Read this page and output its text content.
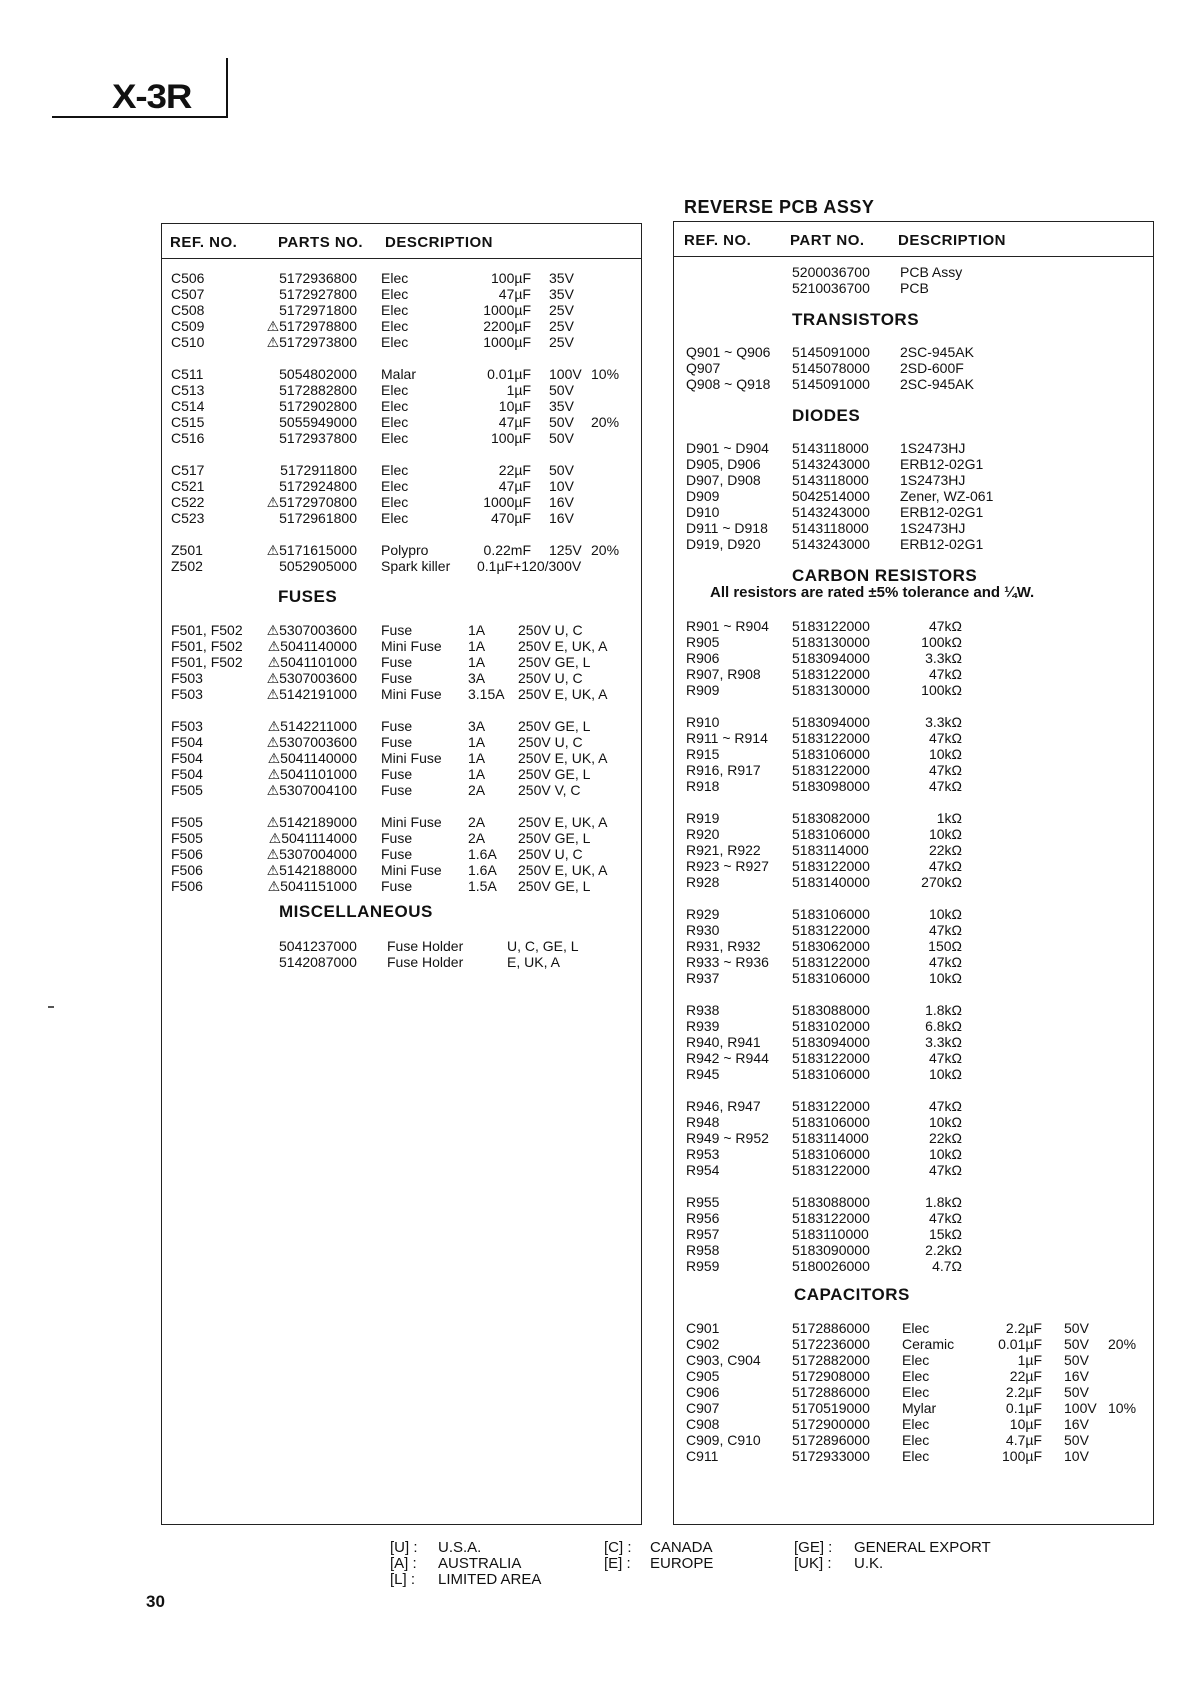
X-3R
REF. NO.	PARTS NO. DESCRIPTION
C506	5172936800 Elec	100µF 35V
C507	5172927800 Elec	47µF 35V
C508	5172971800 Elec	1000µF 25V
C509	⚠5172978800 Elec	2200µF 25V
C510	⚠5172973800 Elec	1000µF 25V
C511	5054802000 Malar	0.01µF 100V 10%
C513	5172882800 Elec	1µF 50V
C514	5172902800 Elec	10µF 35V
C515	5055949000 Elec	47µF 50V 20%
C516	5172937800 Elec	100µF 50V
C517	5172911800 Elec	22µF 50V
C521	5172924800 Elec	47µF 10V
C522	⚠5172970800 Elec	1000µF 16V
C523	5172961800 Elec	470µF 16V
Z501	⚠5171615000 Polypro	0.22mF 125V 20%
Z502	5052905000 Spark killer 0.1µF+120/300V
FUSES
F501, F502	⚠5307003600 Fuse	1A 250V U, C
F501, F502	⚠5041140000 Mini Fuse 1A 250V E, UK, A
F501, F502	⚠5041101000 Fuse	1A 250V GE, L
F503	⚠5307003600 Fuse	3A 250V U, C
F503	⚠5142191000 Mini Fuse 3.15A 250V E, UK, A
F503	⚠5142211000 Fuse	3A 250V GE, L
F504	⚠5307003600 Fuse	1A 250V U, C
F504	⚠5041140000 Mini Fuse 1A 250V E, UK, A
F504	⚠5041101000 Fuse	1A 250V GE, L
F505	⚠5307004100 Fuse	2A 250V V, C
F505	⚠5142189000 Mini Fuse 2A 250V E, UK, A
F505	⚠5041114000 Fuse	2A 250V GE, L
F506	⚠5307004000 Fuse	1.6A 250V U, C
F506	⚠5142188000 Mini Fuse 1.6A 250V E, UK, A
F506	⚠5041151000 Fuse	1.5A 250V GE, L
MISCELLANEOUS
5041237000 Fuse Holder	U, C, GE, L
5142087000 Fuse Holder	E, UK, A
REVERSE PCB ASSY
REF. NO.	PART NO. DESCRIPTION
5200036700 PCB Assy
5210036700 PCB
TRANSISTORS
Q901 ~ Q906 5145091000 2SC-945AK
Q907	5145078000 2SD-600F
Q908 ~ Q918 5145091000 2SC-945AK
DIODES
D901 ~ D904 5143118000 1S2473HJ
D905, D906 5143243000 ERB12-02G1
D907, D908 5143118000 1S2473HJ
D909	5042514000 Zener, WZ-061
D910	5143243000 ERB12-02G1
D911 ~ D918 5143118000 1S2473HJ
D919, D920 5143243000 ERB12-02G1
CARBON RESISTORS
All resistors are rated ±5% tolerance and ¼W.
R901 ~ R904 5183122000	47kΩ
R905	5183130000	100kΩ
R906	5183094000	3.3kΩ
R907, R908 5183122000	47kΩ
R909	5183130000	100kΩ
R910	5183094000	3.3kΩ
R911 ~ R914 5183122000	47kΩ
R915	5183106000	10kΩ
R916, R917 5183122000	47kΩ
R918	5183098000	47kΩ
R919	5183082000	1kΩ
R920	5183106000	10kΩ
R921, R922 5183114000	22kΩ
R923 ~ R927 5183122000	47kΩ
R928	5183140000	270kΩ
R929	5183106000	10kΩ
R930	5183122000	47kΩ
R931, R932 5183062000	150Ω
R933 ~ R936 5183122000	47kΩ
R937	5183106000	10kΩ
R938	5183088000	1.8kΩ
R939	5183102000	6.8kΩ
R940, R941 5183094000	3.3kΩ
R942 ~ R944 5183122000	47kΩ
R945	5183106000	10kΩ
R946, R947 5183122000	47kΩ
R948	5183106000	10kΩ
R949 ~ R952 5183114000	22kΩ
R953	5183106000	10kΩ
R954	5183122000	47kΩ
R955	5183088000	1.8kΩ
R956	5183122000	47kΩ
R957	5183110000	15kΩ
R958	5183090000	2.2kΩ
R959	5180026000	4.7Ω
CAPACITORS
C901	5172886000 Elec	2.2µF 50V
C902	5172236000 Ceramic	0.01µF 50V 20%
C903, C904 5172882000 Elec	1µF 50V
C905	5172908000 Elec	22µF 16V
C906	5172886000 Elec	2.2µF 50V
C907	5170519000 Mylar	0.1µF 100V 10%
C908	5172900000 Elec	10µF 16V
C909, C910 5172896000 Elec	4.7µF 50V
C911	5172933000 Elec	100µF 10V
[U] : U.S.A.
[A] : AUSTRALIA
[L] : LIMITED AREA
[C] : CANADA
[E] : EUROPE
[GE] : GENERAL EXPORT
[UK] : U.K.
30
